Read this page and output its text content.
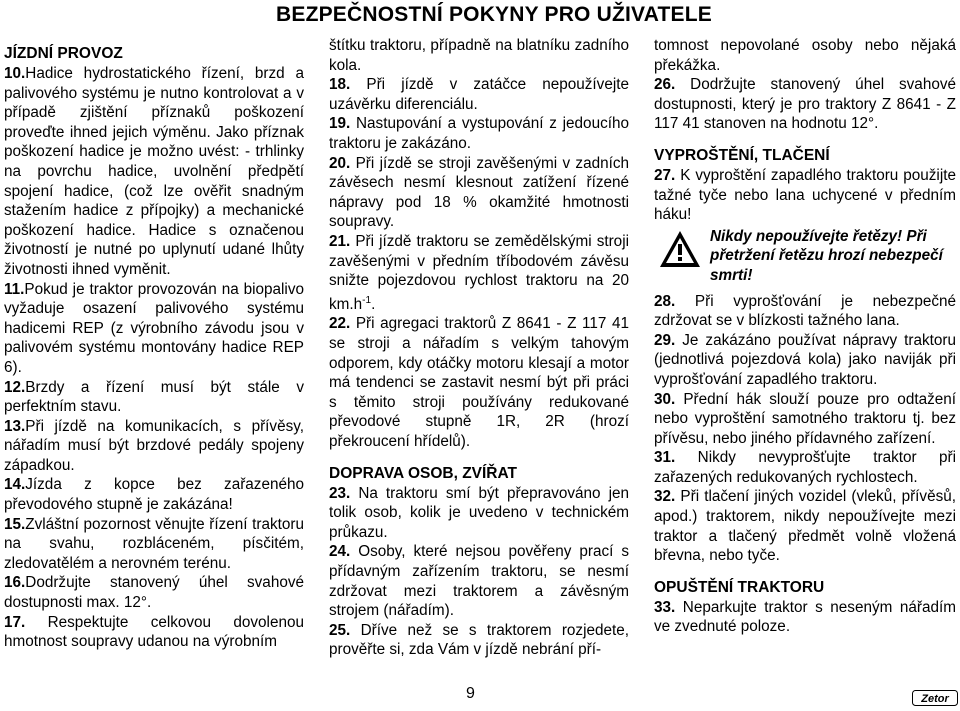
BEZPEČNOSTNÍ POKYNY PRO UŽIVATELE
JÍZDNÍ PROVOZ

10.Hadice hydrostatického řízení, brzd a palivového systému je nutno kontrolovat a v případě zjištění příznaků poškození proveďte ihned jejich výměnu. Jako příznak poškození hadice je možno uvést: - trhlinky na povrchu hadice, uvolnění předpětí spojení hadice, (což lze ověřit snadným stažením hadice z přípojky) a mechanické poškození hadice. Hadice s označenou životností je nutné po uplynutí udané lhůty životnosti ihned vyměnit.

11.Pokud je traktor provozován na biopalivo vyžaduje osazení palivového systému hadicemi REP (z výrobního závodu jsou v palivovém systému montovány hadice REP 6).

12.Brzdy a řízení musí být stále v perfektním stavu.

13.Při jízdě na komunikacích, s přívěsy, nářadím musí být brzdové pedály spojeny západkou.

14.Jízda z kopce bez zařazeného převodového stupně je zakázána!

15.Zvláštní pozornost věnujte řízení traktoru na svahu, rozbláceném, písčitém, zledovatělém a nerovném terénu.

16.Dodržujte stanovený úhel svahové dostupnosti max. 12°.

17. Respektujte celkovou dovolenou hmotnost soupravy udanou na výrobním

štítku traktoru, případně na blatníku zadního kola.

18. Při jízdě v zatáčce nepoužívejte uzávěrku diferenciálu.

19. Nastupování a vystupování z jedoucího traktoru je zakázáno.

20. Při jízdě se stroji zavěšenými v zadních závěsech nesmí klesnout zatížení řízené nápravy pod 18 % okamžité hmotnosti soupravy.

21. Při jízdě traktoru se zemědělskými stroji zavěšenými v předním tříbodovém závěsu snižte pojezdovou rychlost traktoru na 20 $km.h^{-1}$.

22. Při agregaci traktorů Z 8641 - Z 117 41 se stroji a nářadím s velkým tahovým odporem, kdy otáčky motoru klesají a motor má tendenci se zastavit nesmí být při práci s těmito stroji používány redukované převodové stupně 1R, 2R (hrozí překroucení hřídelů).

DOPRAVA OSOB, ZVÍŘAT

23. Na traktoru smí být přepravováno jen tolik osob, kolik je uvedeno v technickém průkazu.

24. Osoby, které nejsou pověřeny prací s přídavným zařízením traktoru, se nesmí zdržovat mezi traktorem a závěsným strojem (nářadím).

25. Dříve než se s traktorem rozjedete, prověřte si, zda Vám v jízdě nebrání pří-

tomnost nepovolané osoby nebo nějaká překážka.

26. Dodržujte stanovený úhel svahové dostupnosti, který je pro traktory Z 8641 - Z 117 41 stanoven na hodnotu 12°.

VYPROŠTĚNÍ, TLAČENÍ

27. K vyproštění zapadlého traktoru použijte tažné tyče nebo lana uchycené v předním háku!

Nikdy nepoužívejte řetězy! Při přetržení řetězu hrozí nebezpečí smrti!

28. Při vyprošťování je nebezpečné zdržovat se v blízkosti tažného lana.

29. Je zakázáno používat nápravy traktoru (jednotlivá pojezdová kola) jako naviják při vyprošťování zapadlého traktoru.

30. Přední hák slouží pouze pro odtažení nebo vyproštění samotného traktoru tj. bez přívěsu, nebo jiného přídavného zařízení.

31. Nikdy nevyprošťujte traktor při zařazených redukovaných rychlostech.

32. Při tlačení jiných vozidel (vleků, přívěsů, apod.) traktorem, nikdy nepoužívejte mezi traktor a tlačený předmět volně vložená břevna, nebo tyče.

OPUŠTĚNÍ TRAKTORU

33. Neparkujte traktor s neseným nářadím ve zvednuté poloze.

9	Zetor
